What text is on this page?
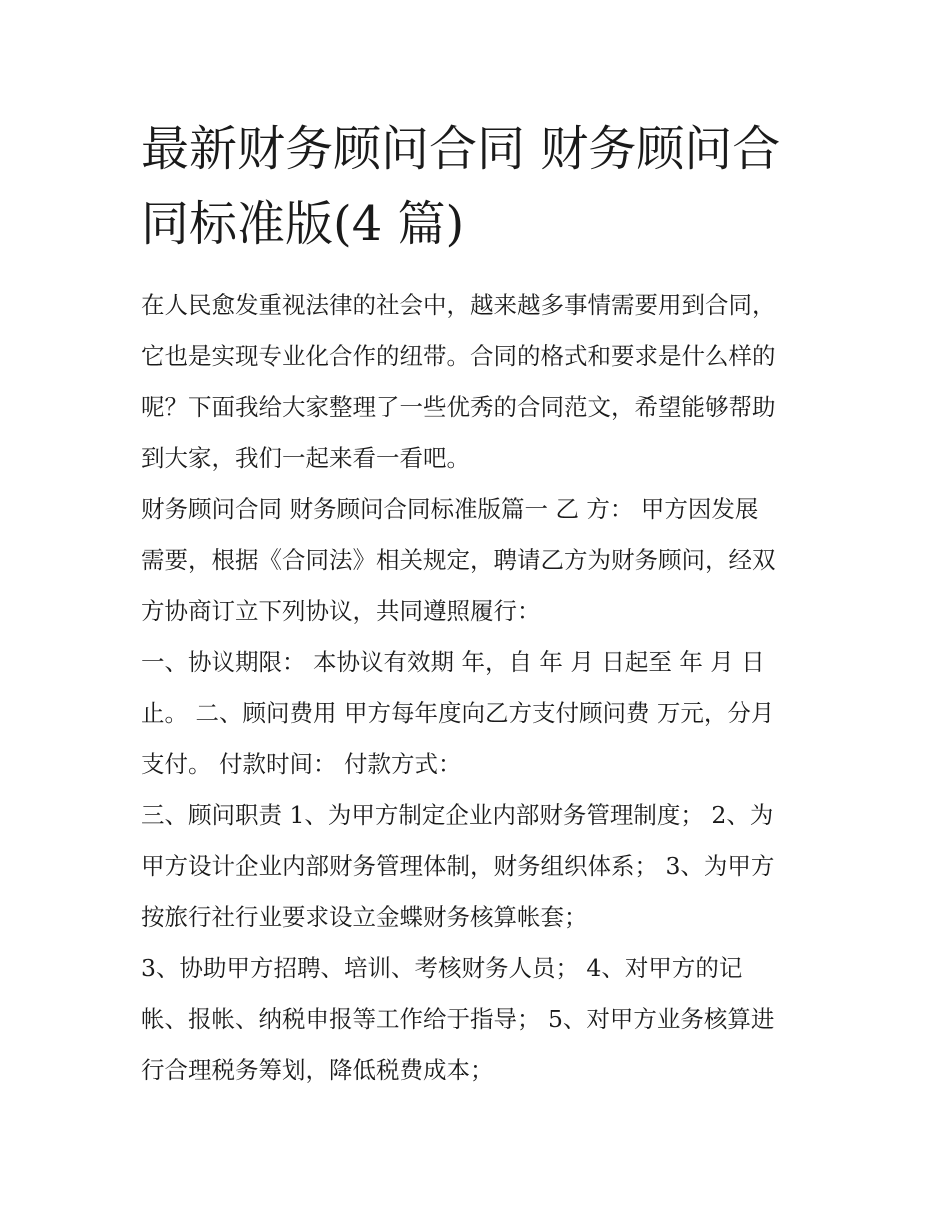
最新财务顾问合同 财务顾问合
同标准版(4 篇)
在人民愈发重视法律的社会中，越来越多事情需要用到合同，
它也是实现专业化合作的纽带。合同的格式和要求是什么样的
呢？下面我给大家整理了一些优秀的合同范文，希望能够帮助
到大家，我们一起来看一看吧。
财务顾问合同 财务顾问合同标准版篇一 乙 方： 甲方因发展
需要，根据《合同法》相关规定，聘请乙方为财务顾问，经双
方协商订立下列协议，共同遵照履行：
一、协议期限： 本协议有效期 年，自 年 月 日起至 年 月 日
止。 二、顾问费用 甲方每年度向乙方支付顾问费 万元，分月
支付。 付款时间： 付款方式：
三、顾问职责 1、为甲方制定企业内部财务管理制度； 2、为
甲方设计企业内部财务管理体制，财务组织体系； 3、为甲方
按旅行社行业要求设立金蝶财务核算帐套；
3、协助甲方招聘、培训、考核财务人员； 4、对甲方的记
帐、报帐、纳税申报等工作给于指导； 5、对甲方业务核算进
行合理税务筹划，降低税费成本；
